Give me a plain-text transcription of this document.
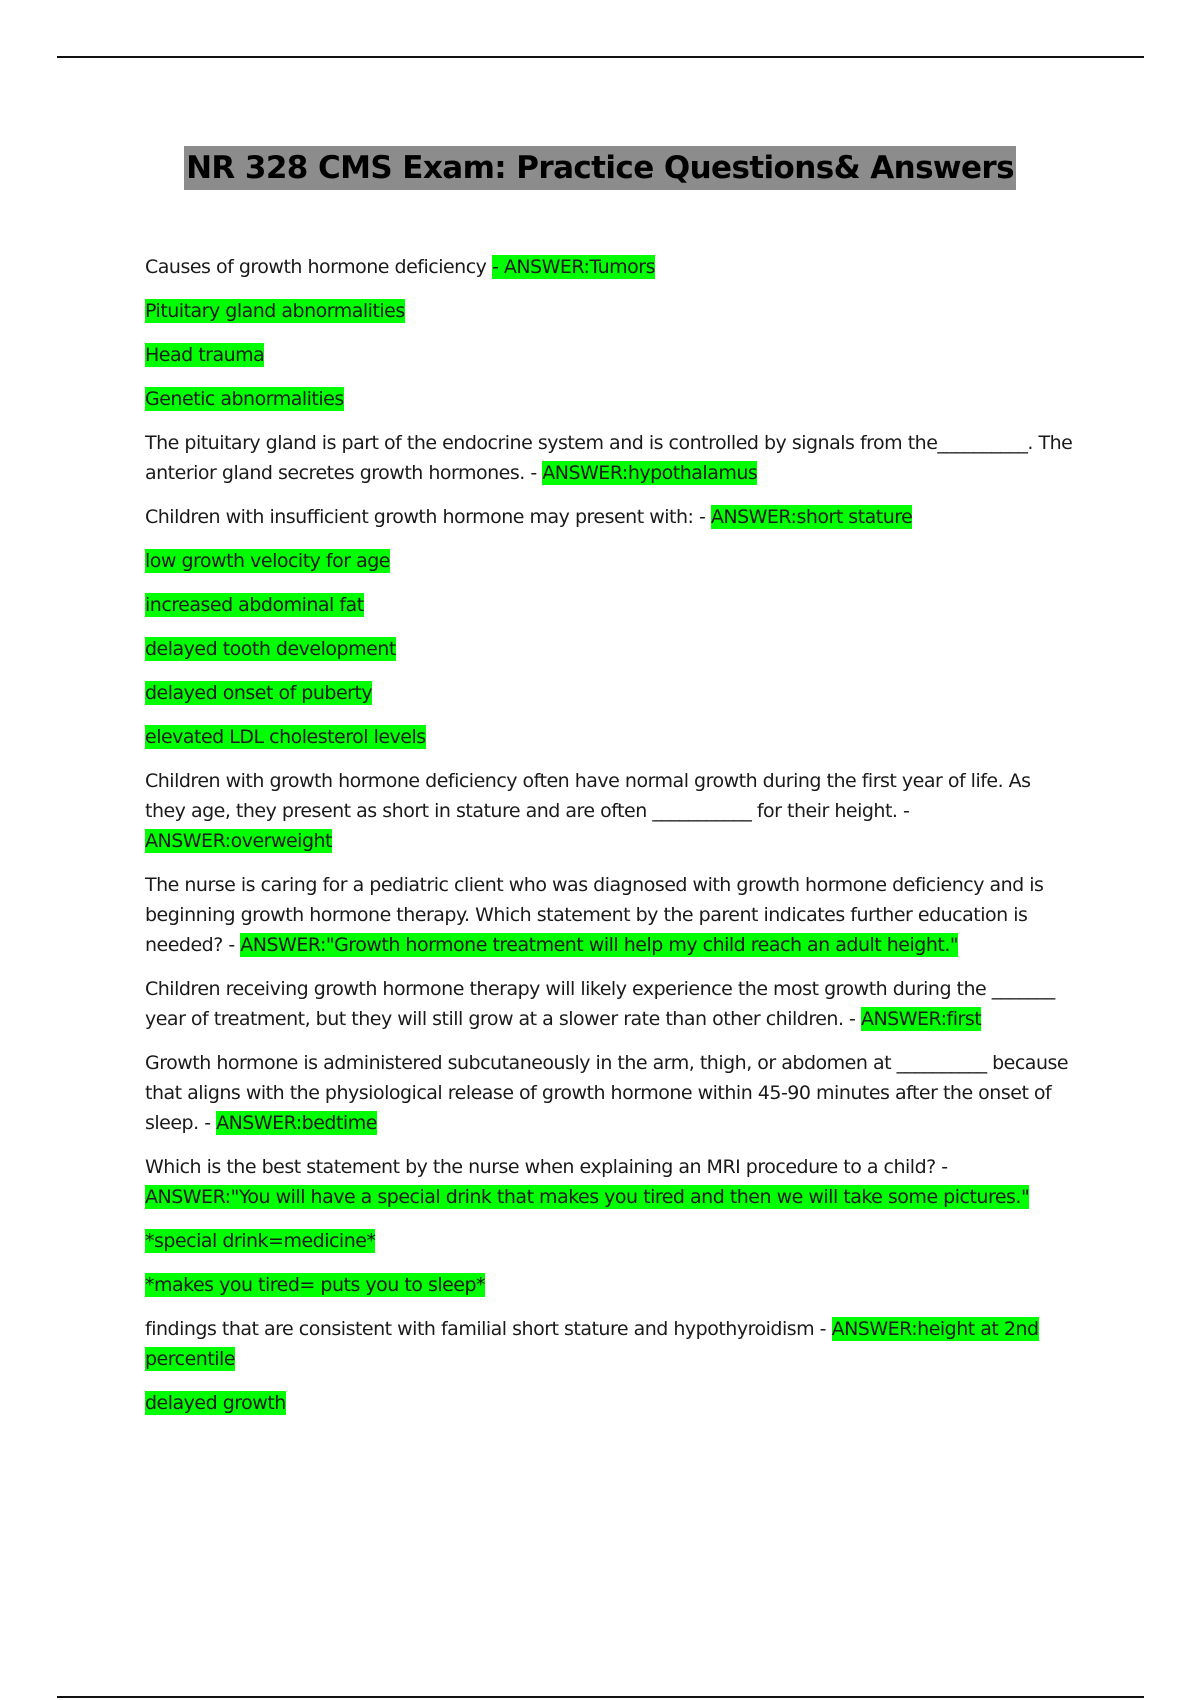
NR 328 CMS Exam: Practice Questions& Answers

Causes of growth hormone deficiency - ANSWER:Tumors

Pituitary gland abnormalities

Head trauma

Genetic abnormalities

The pituitary gland is part of the endocrine system and is controlled by signals from the__________. The anterior gland secretes growth hormones. - ANSWER:hypothalamus

Children with insufficient growth hormone may present with: - ANSWER:short stature

low growth velocity for age

increased abdominal fat

delayed tooth development

delayed onset of puberty

elevated LDL cholesterol levels

Children with growth hormone deficiency often have normal growth during the first year of life. As they age, they present as short in stature and are often ___________ for their height. - ANSWER:overweight

The nurse is caring for a pediatric client who was diagnosed with growth hormone deficiency and is beginning growth hormone therapy. Which statement by the parent indicates further education is needed? - ANSWER:"Growth hormone treatment will help my child reach an adult height."

Children receiving growth hormone therapy will likely experience the most growth during the _______ year of treatment, but they will still grow at a slower rate than other children. - ANSWER:first

Growth hormone is administered subcutaneously in the arm, thigh, or abdomen at __________ because that aligns with the physiological release of growth hormone within 45-90 minutes after the onset of sleep. - ANSWER:bedtime

Which is the best statement by the nurse when explaining an MRI procedure to a child? - ANSWER:"You will have a special drink that makes you tired and then we will take some pictures."

*special drink=medicine*

*makes you tired= puts you to sleep*

findings that are consistent with familial short stature and hypothyroidism - ANSWER:height at 2nd percentile

delayed growth
